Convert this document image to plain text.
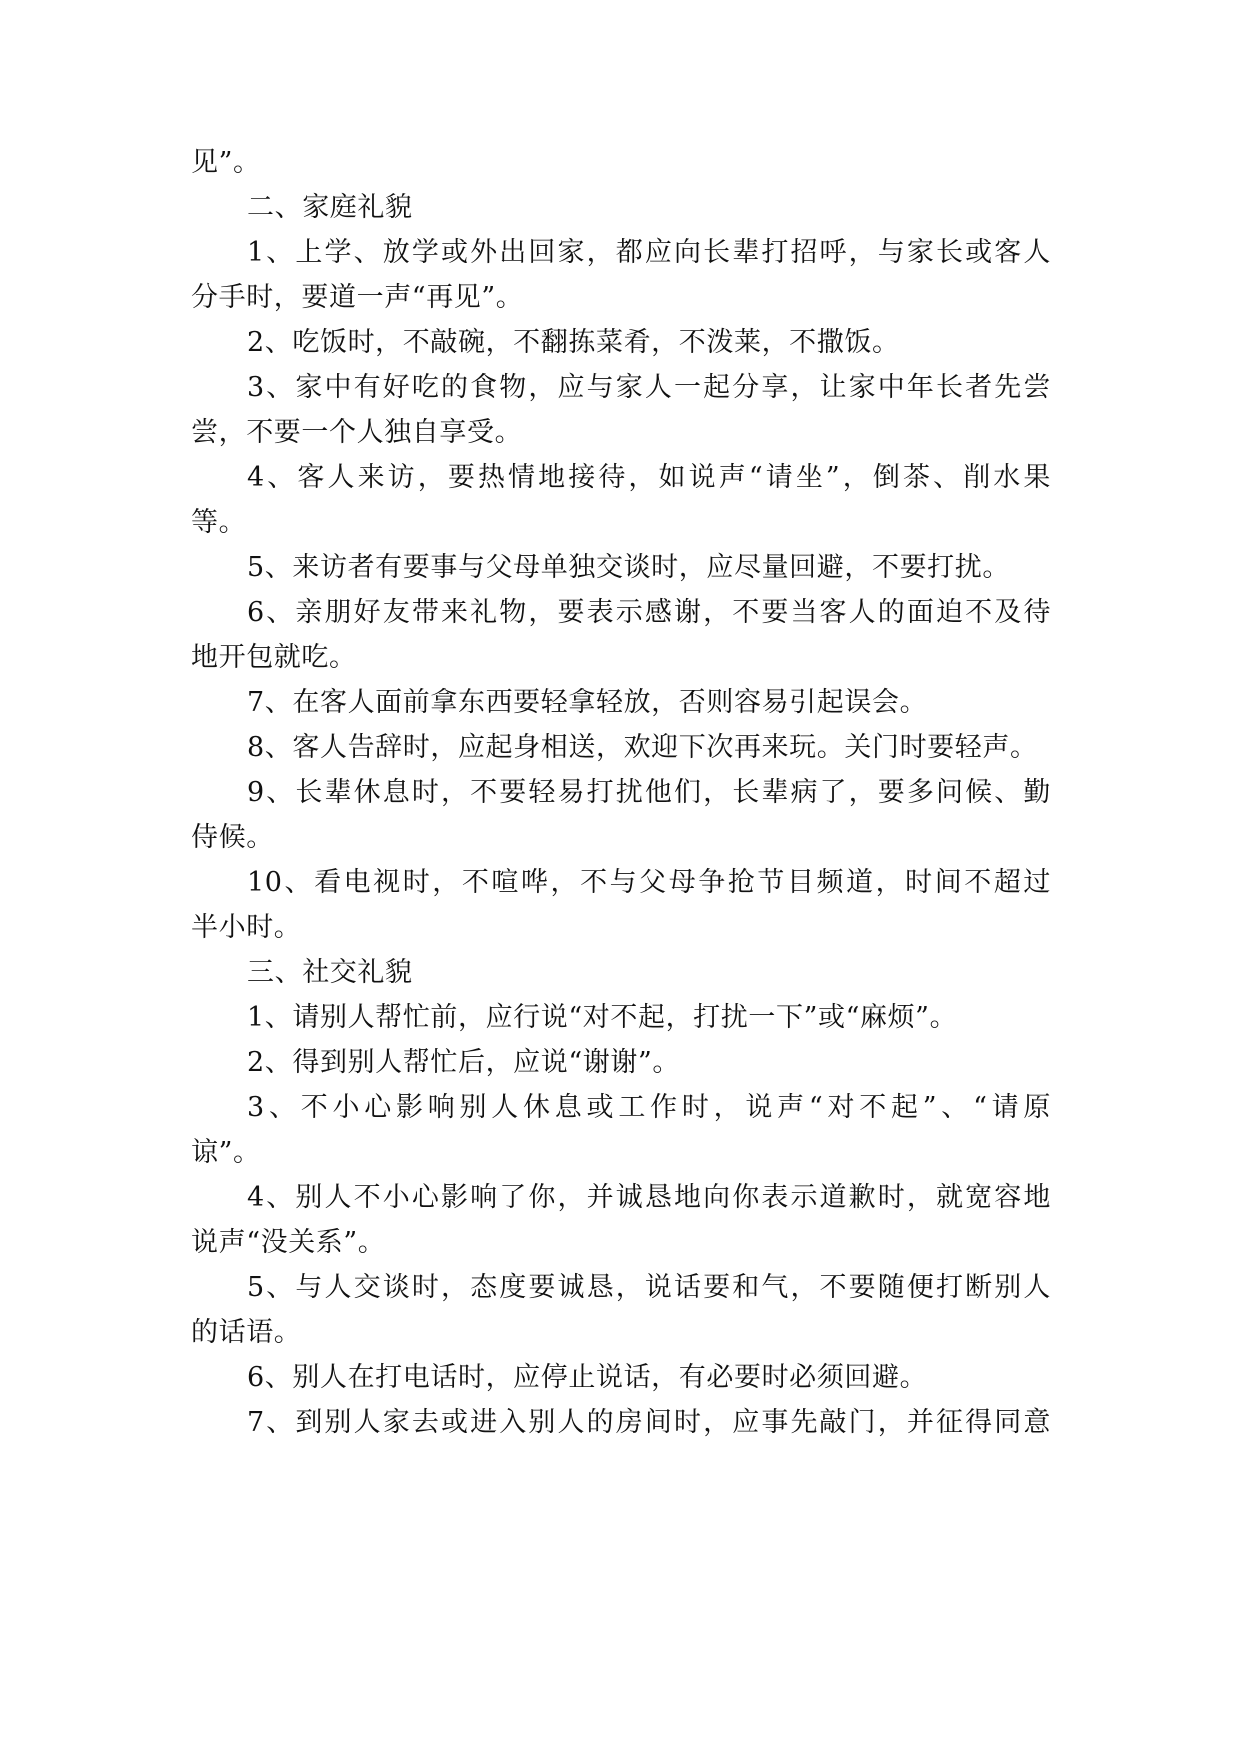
见”。
二、家庭礼貌
1、上学、放学或外出回家，都应向长辈打招呼，与家长或客人
分手时，要道一声“再见”。
2、吃饭时，不敲碗，不翻拣菜肴，不泼莱，不撒饭。
3、家中有好吃的食物，应与家人一起分享，让家中年长者先尝
尝，不要一个人独自享受。
4、客人来访，要热情地接待，如说声“请坐”，倒茶、削水果
等。
5、来访者有要事与父母单独交谈时，应尽量回避，不要打扰。
6、亲朋好友带来礼物，要表示感谢，不要当客人的面迫不及待
地开包就吃。
7、在客人面前拿东西要轻拿轻放，否则容易引起误会。
8、客人告辞时，应起身相送，欢迎下次再来玩。关门时要轻声。
9、长辈休息时，不要轻易打扰他们，长辈病了，要多问候、勤
侍候。
10、看电视时，不喧哗，不与父母争抢节目频道，时间不超过
半小时。
三、社交礼貌
1、请别人帮忙前，应行说“对不起，打扰一下”或“麻烦”。
2、得到别人帮忙后，应说“谢谢”。
3、不小心影响别人休息或工作时，说声“对不起”、“请原
谅”。
4、别人不小心影响了你，并诚恳地向你表示道歉时，就宽容地
说声“没关系”。
5、与人交谈时，态度要诚恳，说话要和气，不要随便打断别人
的话语。
6、别人在打电话时，应停止说话，有必要时必须回避。
7、到别人家去或进入别人的房间时，应事先敲门，并征得同意
